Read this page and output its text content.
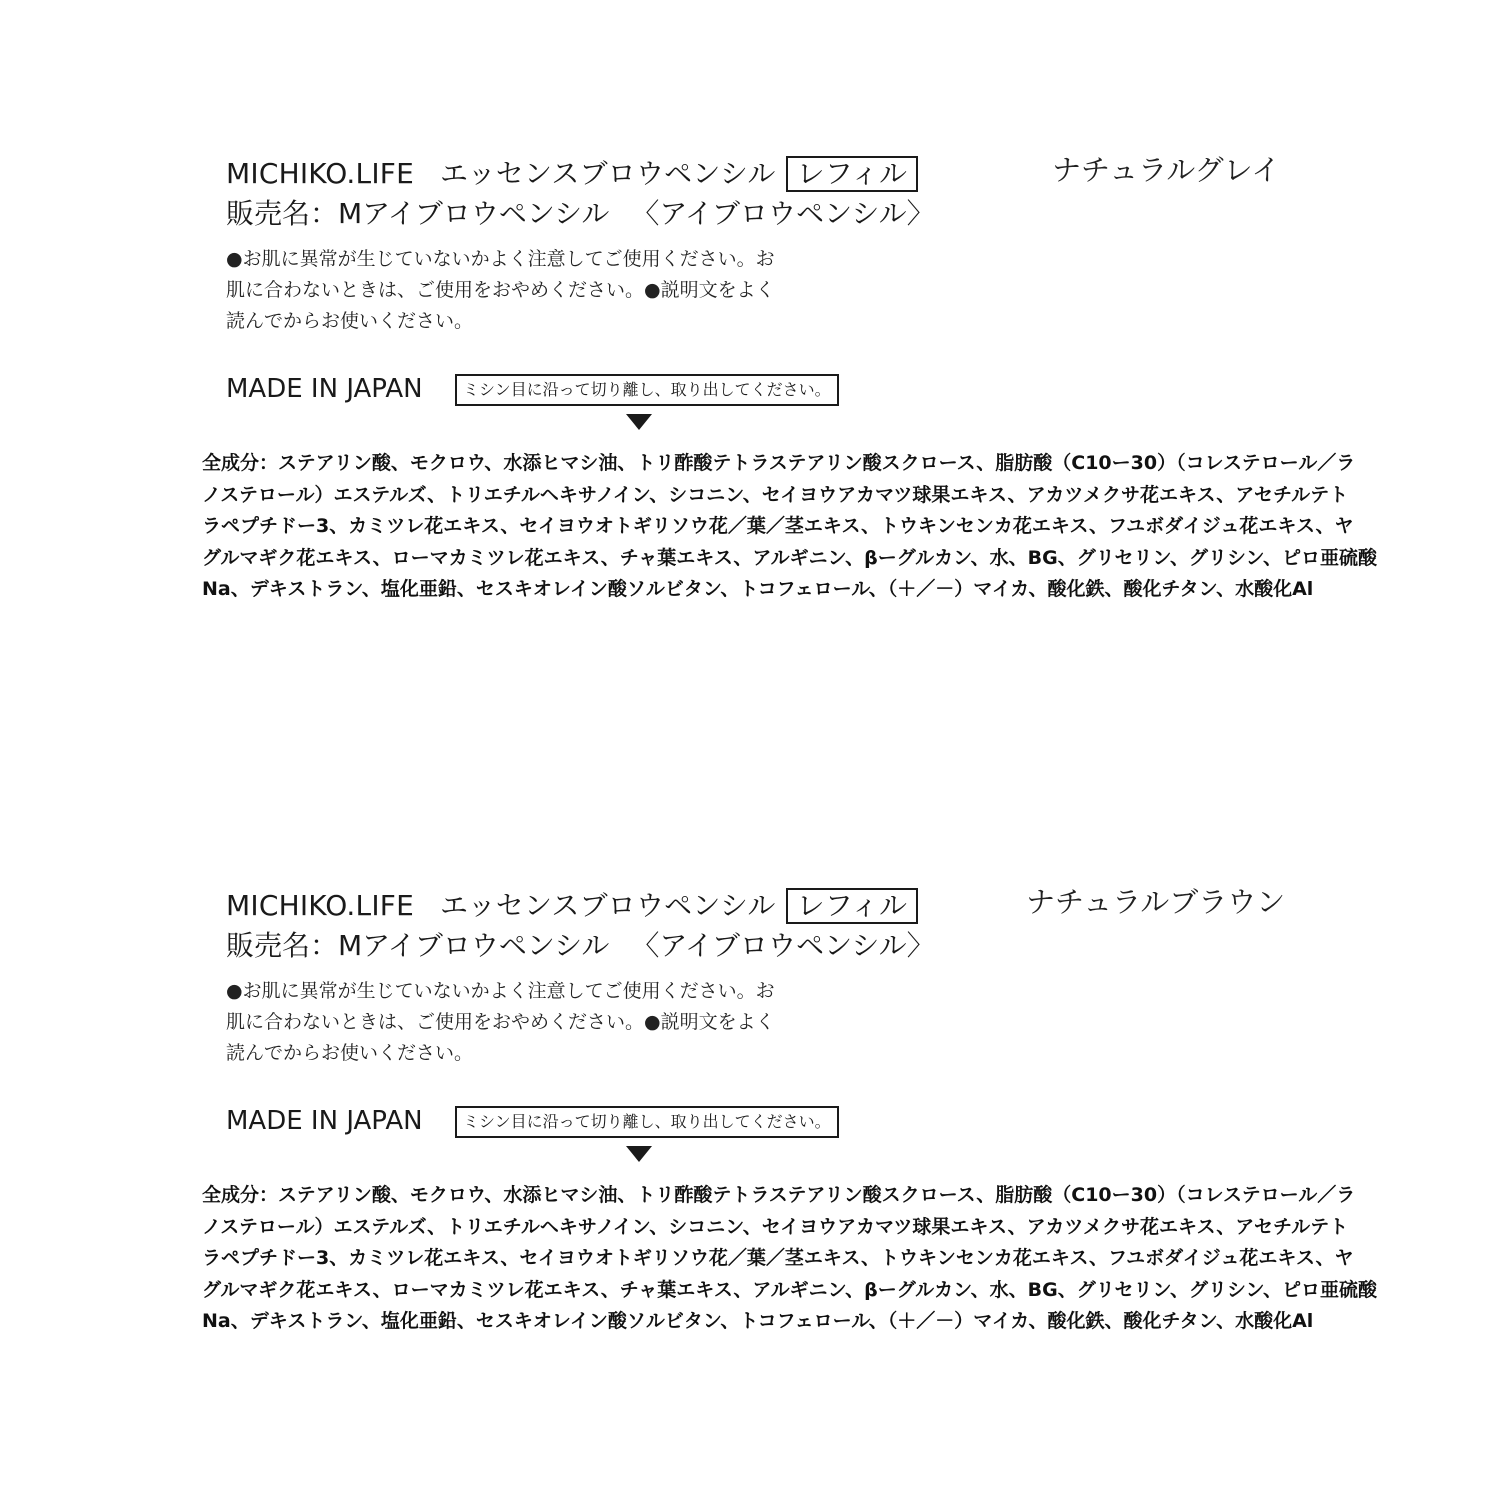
MICHIKO.LIFE エッセンスブロウペンシル レフィル	ナチュラルグレイ
販売名：Mアイブロウペンシル 〈アイブロウペンシル〉
●お肌に異常が生じていないかよく注意してご使用ください。お
肌に合わないときは、ご使用をおやめください。●説明文をよく
読んでからお使いください。
MADE IN JAPAN	ミシン目に沿って切り離し、取り出してください。
全成分：ステアリン酸、モクロウ、水添ヒマシ油、トリ酢酸テトラステアリン酸スクロース、脂肪酸（C10ー30）（コレステロール／ラ
ノステロール）エステルズ、トリエチルヘキサノイン、シコニン、セイヨウアカマツ球果エキス、アカツメクサ花エキス、アセチルテト
ラペプチドー3、カミツレ花エキス、セイヨウオトギリソウ花／葉／茎エキス、トウキンセンカ花エキス、フユボダイジュ花エキス、ヤ
グルマギク花エキス、ローマカミツレ花エキス、チャ葉エキス、アルギニン、βーグルカン、水、BG、グリセリン、グリシン、ピロ亜硫酸
Na、デキストラン、塩化亜鉛、セスキオレイン酸ソルビタン、トコフェロール、（＋／－）マイカ、酸化鉄、酸化チタン、水酸化Al
MICHIKO.LIFE エッセンスブロウペンシル レフィル	ナチュラルブラウン
販売名：Mアイブロウペンシル 〈アイブロウペンシル〉
●お肌に異常が生じていないかよく注意してご使用ください。お
肌に合わないときは、ご使用をおやめください。●説明文をよく
読んでからお使いください。
MADE IN JAPAN	ミシン目に沿って切り離し、取り出してください。
全成分：ステアリン酸、モクロウ、水添ヒマシ油、トリ酢酸テトラステアリン酸スクロース、脂肪酸（C10ー30）（コレステロール／ラ
ノステロール）エステルズ、トリエチルヘキサノイン、シコニン、セイヨウアカマツ球果エキス、アカツメクサ花エキス、アセチルテト
ラペプチドー3、カミツレ花エキス、セイヨウオトギリソウ花／葉／茎エキス、トウキンセンカ花エキス、フユボダイジュ花エキス、ヤ
グルマギク花エキス、ローマカミツレ花エキス、チャ葉エキス、アルギニン、βーグルカン、水、BG、グリセリン、グリシン、ピロ亜硫酸
Na、デキストラン、塩化亜鉛、セスキオレイン酸ソルビタン、トコフェロール、（＋／－）マイカ、酸化鉄、酸化チタン、水酸化Al
